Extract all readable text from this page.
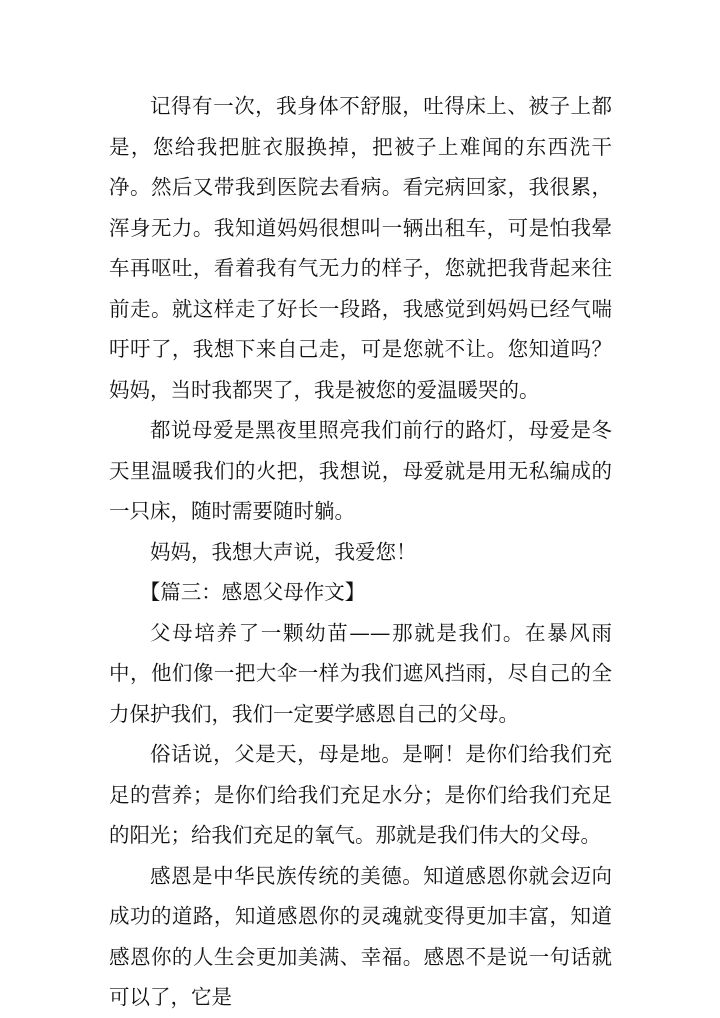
记得有一次，我身体不舒服，吐得床上、被子上都是，您给我把脏衣服换掉，把被子上难闻的东西洗干净。然后又带我到医院去看病。看完病回家，我很累，浑身无力。我知道妈妈很想叫一辆出租车，可是怕我晕车再呕吐，看着我有气无力的样子，您就把我背起来往前走。就这样走了好长一段路，我感觉到妈妈已经气喘吁吁了，我想下来自己走，可是您就不让。您知道吗？妈妈，当时我都哭了，我是被您的爱温暖哭的。

都说母爱是黑夜里照亮我们前行的路灯，母爱是冬天里温暖我们的火把，我想说，母爱就是用无私编成的一只床，随时需要随时躺。

妈妈，我想大声说，我爱您！

【篇三：感恩父母作文】

父母培养了一颗幼苗——那就是我们。在暴风雨中，他们像一把大伞一样为我们遮风挡雨，尽自己的全力保护我们，我们一定要学感恩自己的父母。

俗话说，父是天，母是地。是啊！是你们给我们充足的营养；是你们给我们充足水分；是你们给我们充足的阳光；给我们充足的氧气。那就是我们伟大的父母。

感恩是中华民族传统的美德。知道感恩你就会迈向成功的道路，知道感恩你的灵魂就变得更加丰富，知道感恩你的人生会更加美满、幸福。感恩不是说一句话就可以了，它是
